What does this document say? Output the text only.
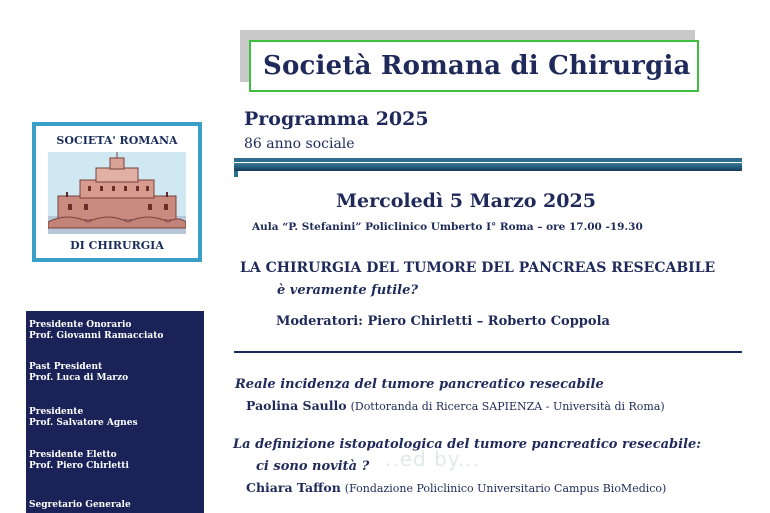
Società Romana di Chirurgia
Programma 2025
86 anno sociale
SOCIETA' ROMANA
DI CHIRURGIA
Mercoledì 5 Marzo 2025
Aula “P. Stefanini” Policlinico Umberto I° Roma – ore 17.00 -19.30
LA CHIRURGIA DEL TUMORE DEL PANCREAS RESECABILE
è veramente futile?
Moderatori: Piero Chirletti – Roberto Coppola
Reale incidenza del tumore pancreatico resecabile
Paolina Saullo (Dottoranda di Ricerca SAPIENZA - Università di Roma)
La definizione istopatologica del tumore pancreatico resecabile:
ci sono novità ?
Chiara Taffon (Fondazione Policlinico Universitario Campus BioMedico)
..ed by...
Presidente Onorario
Prof. Giovanni Ramacciato
Past President
Prof. Luca di Marzo
Presidente
Prof. Salvatore Agnes
Presidente Eletto
Prof. Piero Chirletti
Segretario Generale
